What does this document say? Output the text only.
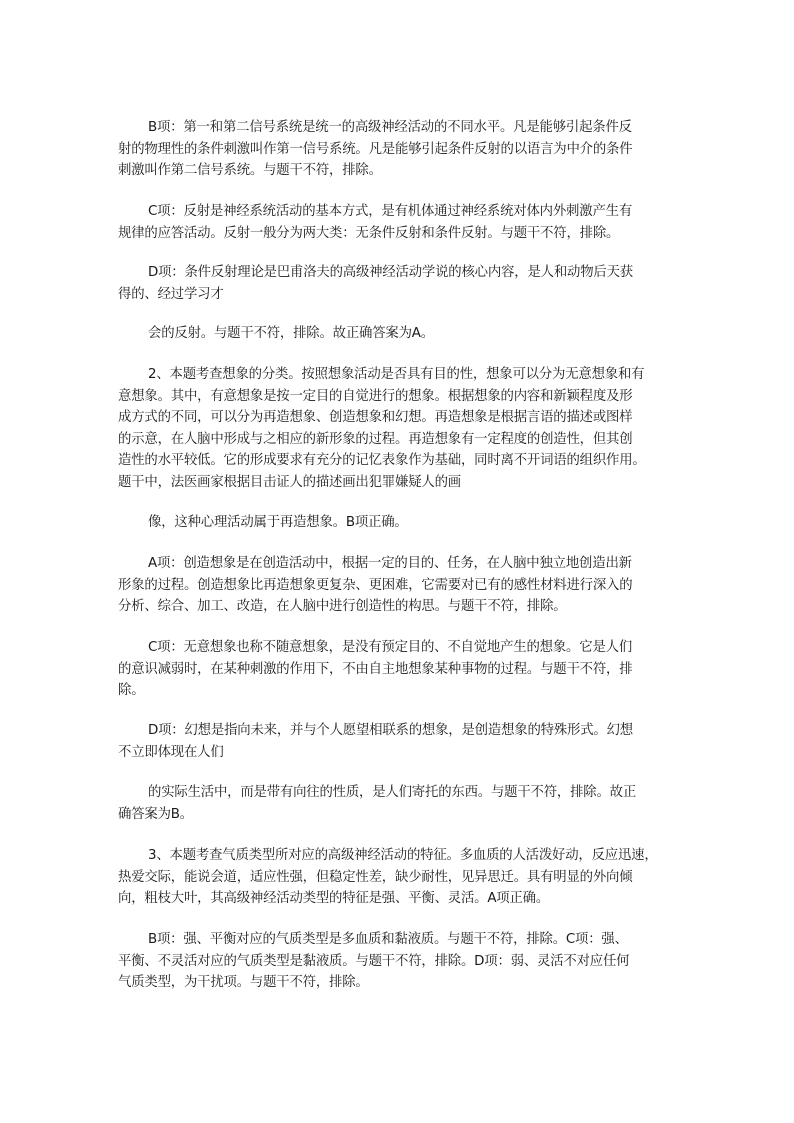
B项：第一和第二信号系统是统一的高级神经活动的不同水平。凡是能够引起条件反
射的物理性的条件刺激叫作第一信号系统。凡是能够引起条件反射的以语言为中介的条件
刺激叫作第二信号系统。与题干不符，排除。

C项：反射是神经系统活动的基本方式，是有机体通过神经系统对体内外刺激产生有
规律的应答活动。反射一般分为两大类：无条件反射和条件反射。与题干不符，排除。

D项：条件反射理论是巴甫洛夫的高级神经活动学说的核心内容，是人和动物后天获
得的、经过学习才

会的反射。与题干不符，排除。故正确答案为A。

2、本题考查想象的分类。按照想象活动是否具有目的性，想象可以分为无意想象和有
意想象。其中，有意想象是按一定目的自觉进行的想象。根据想象的内容和新颖程度及形
成方式的不同，可以分为再造想象、创造想象和幻想。再造想象是根据言语的描述或图样
的示意，在人脑中形成与之相应的新形象的过程。再造想象有一定程度的创造性，但其创
造性的水平较低。它的形成要求有充分的记忆表象作为基础，同时离不开词语的组织作用。
题干中，法医画家根据目击证人的描述画出犯罪嫌疑人的画

像，这种心理活动属于再造想象。B项正确。

A项：创造想象是在创造活动中，根据一定的目的、任务，在人脑中独立地创造出新
形象的过程。创造想象比再造想象更复杂、更困难，它需要对已有的感性材料进行深入的
分析、综合、加工、改造，在人脑中进行创造性的构思。与题干不符，排除。

C项：无意想象也称不随意想象，是没有预定目的、不自觉地产生的想象。它是人们
的意识减弱时，在某种刺激的作用下，不由自主地想象某种事物的过程。与题干不符，排
除。

D项：幻想是指向未来，并与个人愿望相联系的想象，是创造想象的特殊形式。幻想
不立即体现在人们

的实际生活中，而是带有向往的性质，是人们寄托的东西。与题干不符，排除。故正
确答案为B。

3、本题考查气质类型所对应的高级神经活动的特征。多血质的人活泼好动，反应迅速，
热爱交际，能说会道，适应性强，但稳定性差，缺少耐性，见异思迁。具有明显的外向倾
向，粗枝大叶，其高级神经活动类型的特征是强、平衡、灵活。A项正确。

B项：强、平衡对应的气质类型是多血质和黏液质。与题干不符，排除。C项：强、
平衡、不灵活对应的气质类型是黏液质。与题干不符，排除。D项：弱、灵活不对应任何
气质类型，为干扰项。与题干不符，排除。
